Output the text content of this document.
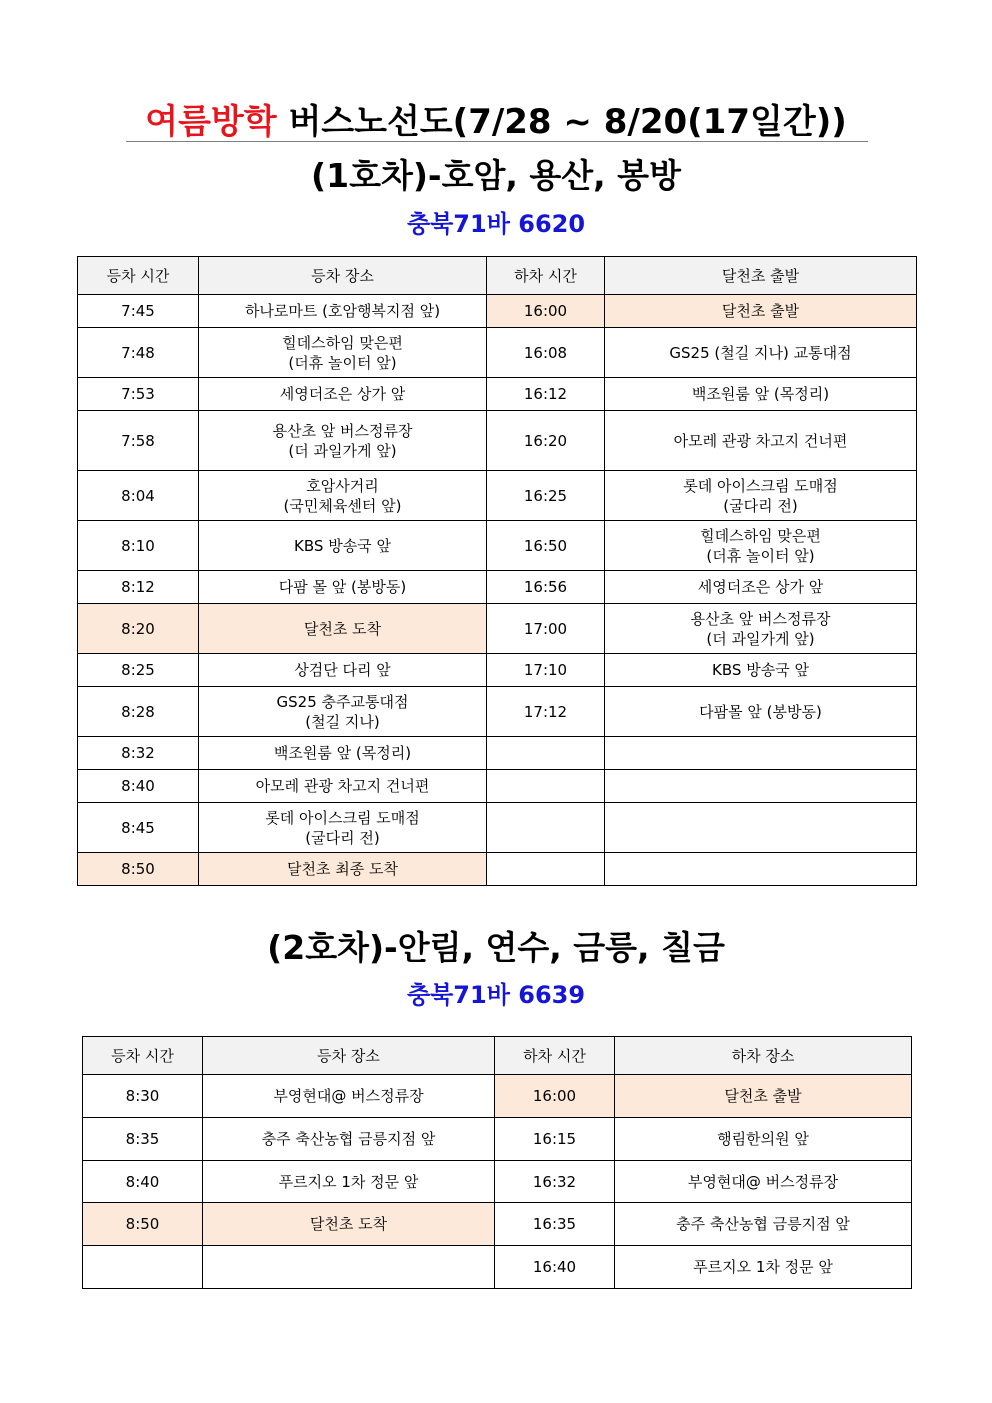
여름방학 버스노선도(7/28 ~ 8/20(17일간))
(1호차)-호암, 용산, 봉방
충북71바 6620
등차 시간	등차 장소	하차 시간	달천초 출발
7:45	하나로마트 (호암행복지점 앞)	16:00	달천초 출발

7:48	힐데스하임 맞은편
(더휴 놀이터 앞)	16:08	GS25 (철길 지나) 교통대점

7:53	세영더조은 상가 앞	16:12	백조원룸 앞 (목정리)

7:58	용산초 앞 버스정류장
(더 과일가게 앞)	16:20	아모레 관광 차고지 건너편

8:04	호암사거리
(국민체육센터 앞)	16:25	롯데 아이스크림 도매점
(굴다리 전)

8:10	KBS 방송국 앞	16:50	힐데스하임 맞은편
(더휴 놀이터 앞)

8:12	다팜 몰 앞 (봉방동)	16:56	세영더조은 상가 앞

8:20	달천초 도착	17:00	용산초 앞 버스정류장
(더 과일가게 앞)

8:25	상검단 다리 앞	17:10	KBS 방송국 앞

8:28	GS25 충주교통대점
(철길 지나)	17:12	다팜몰 앞 (봉방동)

8:32	백조원룸 앞 (목정리)		

8:40	아모레 관광 차고지 건너편		

8:45	롯데 아이스크림 도매점
(굴다리 전)		

8:50	달천초 최종 도착		

(2호차)-안림, 연수, 금릉, 칠금
충북71바 6639
등차 시간	등차 장소	하차 시간	하차 장소
8:30	부영현대@ 버스정류장	16:00	달천초 출발

8:35	충주 축산농협 금릉지점 앞	16:15	행림한의원 앞

8:40	푸르지오 1차 정문 앞	16:32	부영현대@ 버스정류장

8:50	달천초 도착	16:35	충주 축산농협 금릉지점 앞

		16:40	푸르지오 1차 정문 앞
